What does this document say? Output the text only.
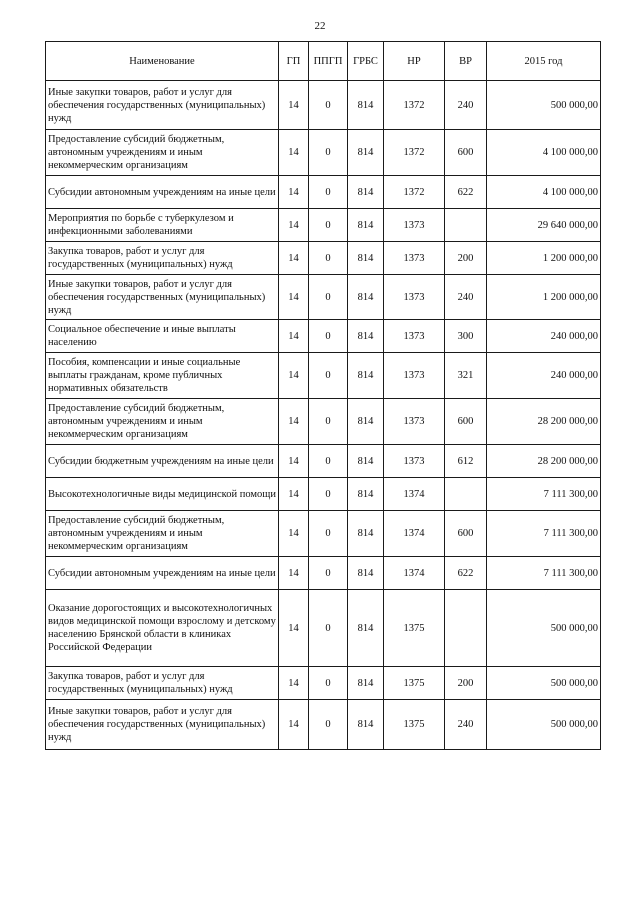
22
Наименование	ГП	ППГП	ГРБС	НР	ВР	2015 год
Иные закупки товаров, работ и услуг для обеспечения государственных (муниципальных) нужд	14	0	814	1372	240	500 000,00
Предоставление субсидий бюджетным, автономным учреждениям и иным некоммерческим организациям	14	0	814	1372	600	4 100 000,00
Субсидии автономным учреждениям на иные цели	14	0	814	1372	622	4 100 000,00
Мероприятия по борьбе с туберкулезом и инфекционными заболеваниями	14	0	814	1373		29 640 000,00
Закупка товаров, работ и услуг для государственных (муниципальных) нужд	14	0	814	1373	200	1 200 000,00
Иные закупки товаров, работ и услуг для обеспечения государственных (муниципальных) нужд	14	0	814	1373	240	1 200 000,00
Социальное обеспечение и иные выплаты населению	14	0	814	1373	300	240 000,00
Пособия, компенсации и иные социальные выплаты гражданам, кроме публичных нормативных обязательств	14	0	814	1373	321	240 000,00
Предоставление субсидий бюджетным, автономным учреждениям и иным некоммерческим организациям	14	0	814	1373	600	28 200 000,00
Субсидии бюджетным учреждениям на иные цели	14	0	814	1373	612	28 200 000,00
Высокотехнологичные виды медицинской помощи	14	0	814	1374		7 111 300,00
Предоставление субсидий бюджетным, автономным учреждениям и иным некоммерческим организациям	14	0	814	1374	600	7 111 300,00
Субсидии автономным учреждениям на иные цели	14	0	814	1374	622	7 111 300,00
Оказание дорогостоящих и высокотехнологичных видов медицинской помощи взрослому и детскому населению Брянской области в клиниках Российской Федерации	14	0	814	1375		500 000,00
Закупка товаров, работ и услуг для государственных (муниципальных) нужд	14	0	814	1375	200	500 000,00
Иные закупки товаров, работ и услуг для обеспечения государственных (муниципальных) нужд	14	0	814	1375	240	500 000,00
